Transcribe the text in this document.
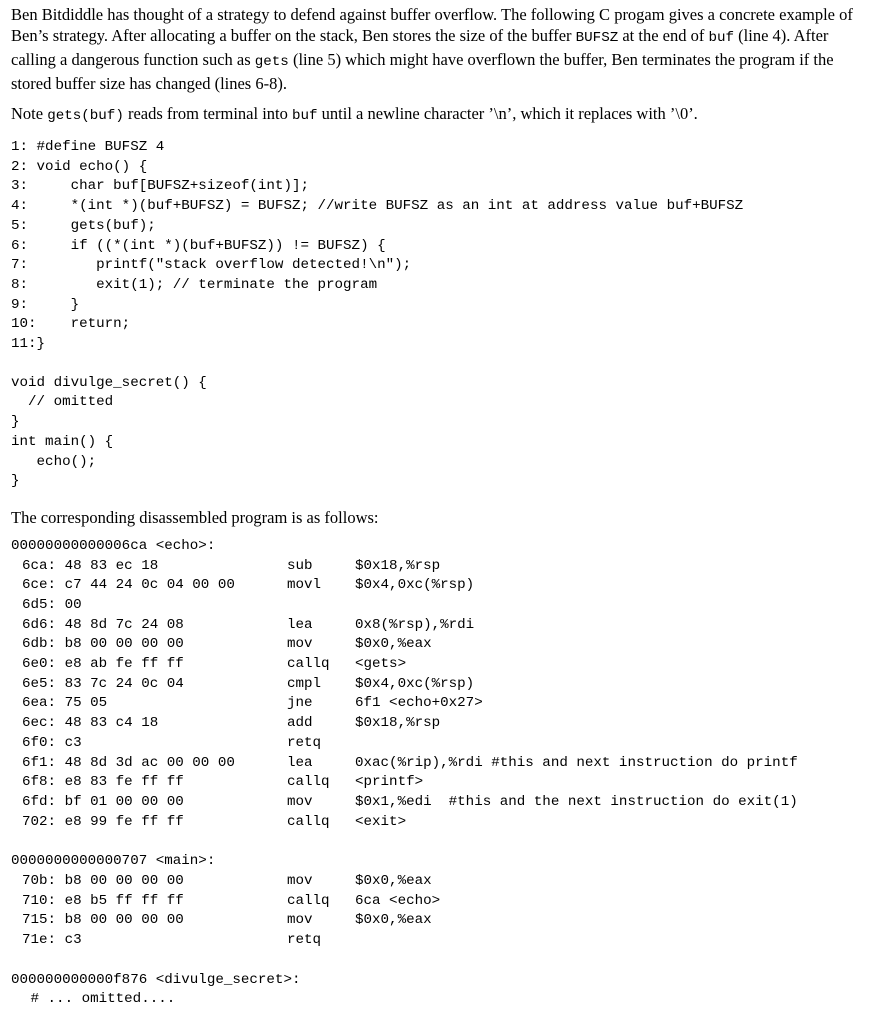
Ben Bitdiddle has thought of a strategy to defend against buffer overflow. The following C progam gives a concrete example of Ben’s strategy. After allocating a buffer on the stack, Ben stores the size of the buffer BUFSZ at the end of buf (line 4). After calling a dangerous function such as gets (line 5) which might have overflown the buffer, Ben terminates the program if the stored buffer size has changed (lines 6-8).

Note gets(buf) reads from terminal into buf until a newline character ’\n’, which it replaces with ’\0’.

1: #define BUFSZ 4
2: void echo() {
3:     char buf[BUFSZ+sizeof(int)];
4:     *(int *)(buf+BUFSZ) = BUFSZ; //write BUFSZ as an int at address value buf+BUFSZ
5:     gets(buf);
6:     if ((*(int *)(buf+BUFSZ)) != BUFSZ) {
7:        printf("stack overflow detected!\n");
8:        exit(1); // terminate the program
9:     }
10:    return;
11:}
void divulge_secret() {
// omitted
}
int main() {
echo();
}

The corresponding disassembled program is as follows:

00000000000006ca <echo>:
6ca: 48 83 ec 18	sub	$0x18,%rsp
6ce: c7 44 24 0c 04 00 00	movl	$0x4,0xc(%rsp)
6d5: 00
6d6: 48 8d 7c 24 08	lea	0x8(%rsp),%rdi
6db: b8 00 00 00 00	mov	$0x0,%eax
6e0: e8 ab fe ff ff	callq	<gets>
6e5: 83 7c 24 0c 04	cmpl	$0x4,0xc(%rsp)
6ea: 75 05	jne	6f1 <echo+0x27>
6ec: 48 83 c4 18	add	$0x18,%rsp
6f0: c3	retq
6f1: 48 8d 3d ac 00 00 00	lea	0xac(%rip),%rdi #this and next instruction do printf
6f8: e8 83 fe ff ff	callq	<printf>
6fd: bf 01 00 00 00	mov	$0x1,%edi  #this and the next instruction do exit(1)
702: e8 99 fe ff ff	callq	<exit>
0000000000000707 <main>:
70b: b8 00 00 00 00	mov	$0x0,%eax
710: e8 b5 ff ff ff	callq	6ca <echo>
715: b8 00 00 00 00	mov	$0x0,%eax
71e: c3	retq
000000000000f876 <divulge_secret>:
# ... omitted....
